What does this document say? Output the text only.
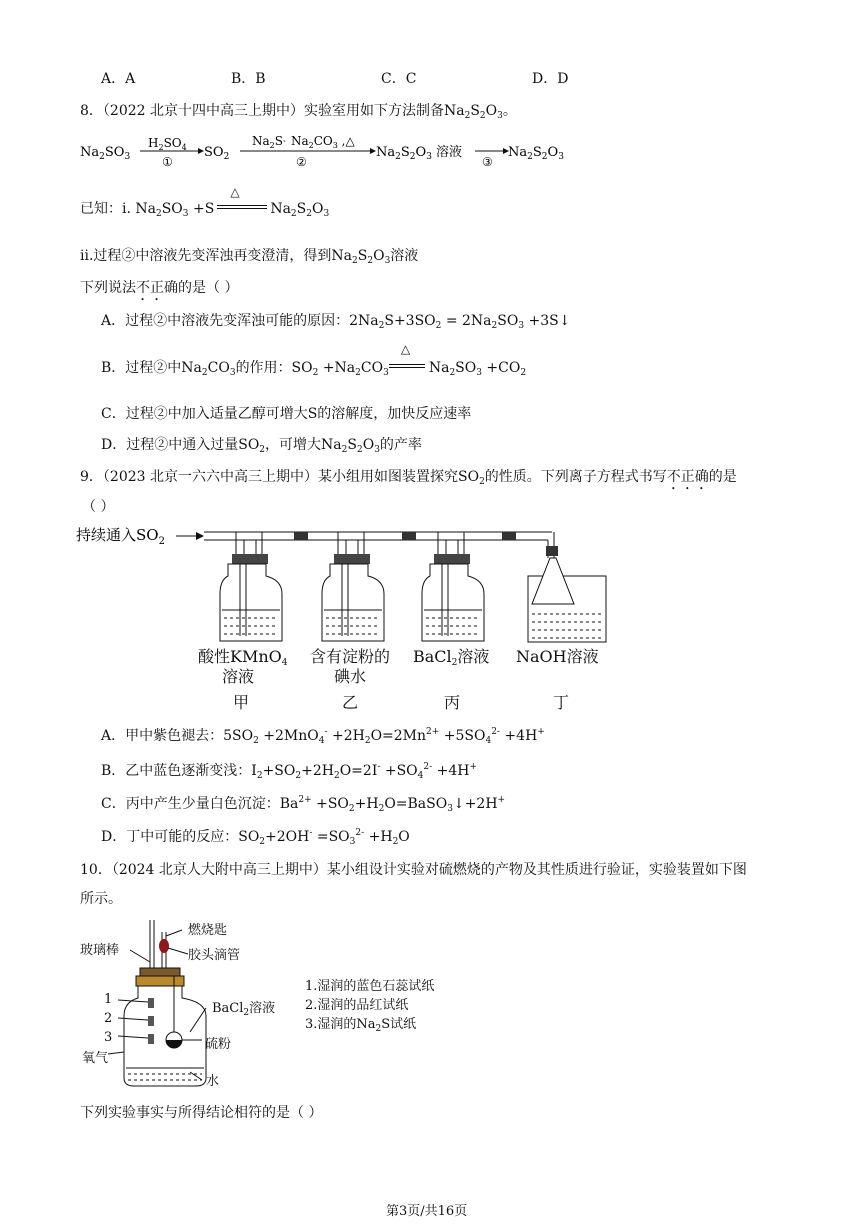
A．A	B．B	C．C	D．D
8．（2022 北京十四中高三上期中）实验室用如下方法制备$Na_2S_2O_3$。
$Na_2SO_3$
$H_2SO_4$
①
$SO_2$
$Na_2S^、Na_2CO_3$ ,△
②
$Na_2S_2O_3$ 溶液
③
$Na_2S_2O_3$
已知：i. $Na_2SO_3 +S$
△
$Na_2S_2O_3$
ii.过程②中溶液先变浑浊再变澄清，得到$Na_2S_2O_3$溶液
下列说法不正确的是（ ）
A．过程②中溶液先变浑浊可能的原因：$2Na_2S+3SO_2 = 2Na_2SO_3$ +3S↓
B．过程②中$Na_2CO_3$的作用：$SO_2 +Na_2CO_3$
△
$Na_2SO_3 +CO_2$
C．过程②中加入适量乙醇可增大S的溶解度，加快反应速率
D．过程②中通入过量$SO_2$，可增大$Na_2S_2O_3$的产率
9．（2023 北京一六六中高三上期中）某小组用如图装置探究$SO_2$的性质。下列离子方程式书写不正确的是
（ ）
持续通入$SO_2$
酸性KMnO$_4$
溶液
甲
含有淀粉的
碘水
乙
BaCl$_2$溶液
丙
NaOH溶液
丁
A．甲中紫色褪去：$5SO_2 +2MnO_4^- +2H_2O=2Mn^{2+} +5SO_4^{2-} +4H^+$
B．乙中蓝色逐渐变浅：$I_2+SO_2+2H_2O=2I^- +SO_4^{2-} +4H^+$
C．丙中产生少量白色沉淀：$Ba^{2+}$ $+SO_2+H_2O=BaSO_3↓+2H^+$
D．丁中可能的反应：$SO_2+2OH^- =SO_3^{2-} +H_2O$
10．（2024 北京人大附中高三上期中）某小组设计实验对硫燃烧的产物及其性质进行验证，实验装置如下图
所示。
燃烧匙
胶头滴管
玻璃棒
1
2
3
氧气
BaCl$_2$溶液
硫粉
水
1.湿润的蓝色石蕊试纸
2.湿润的品红试纸
3.湿润的$Na_2S$试纸
下列实验事实与所得结论相符的是（ ）
第3页/共16页
